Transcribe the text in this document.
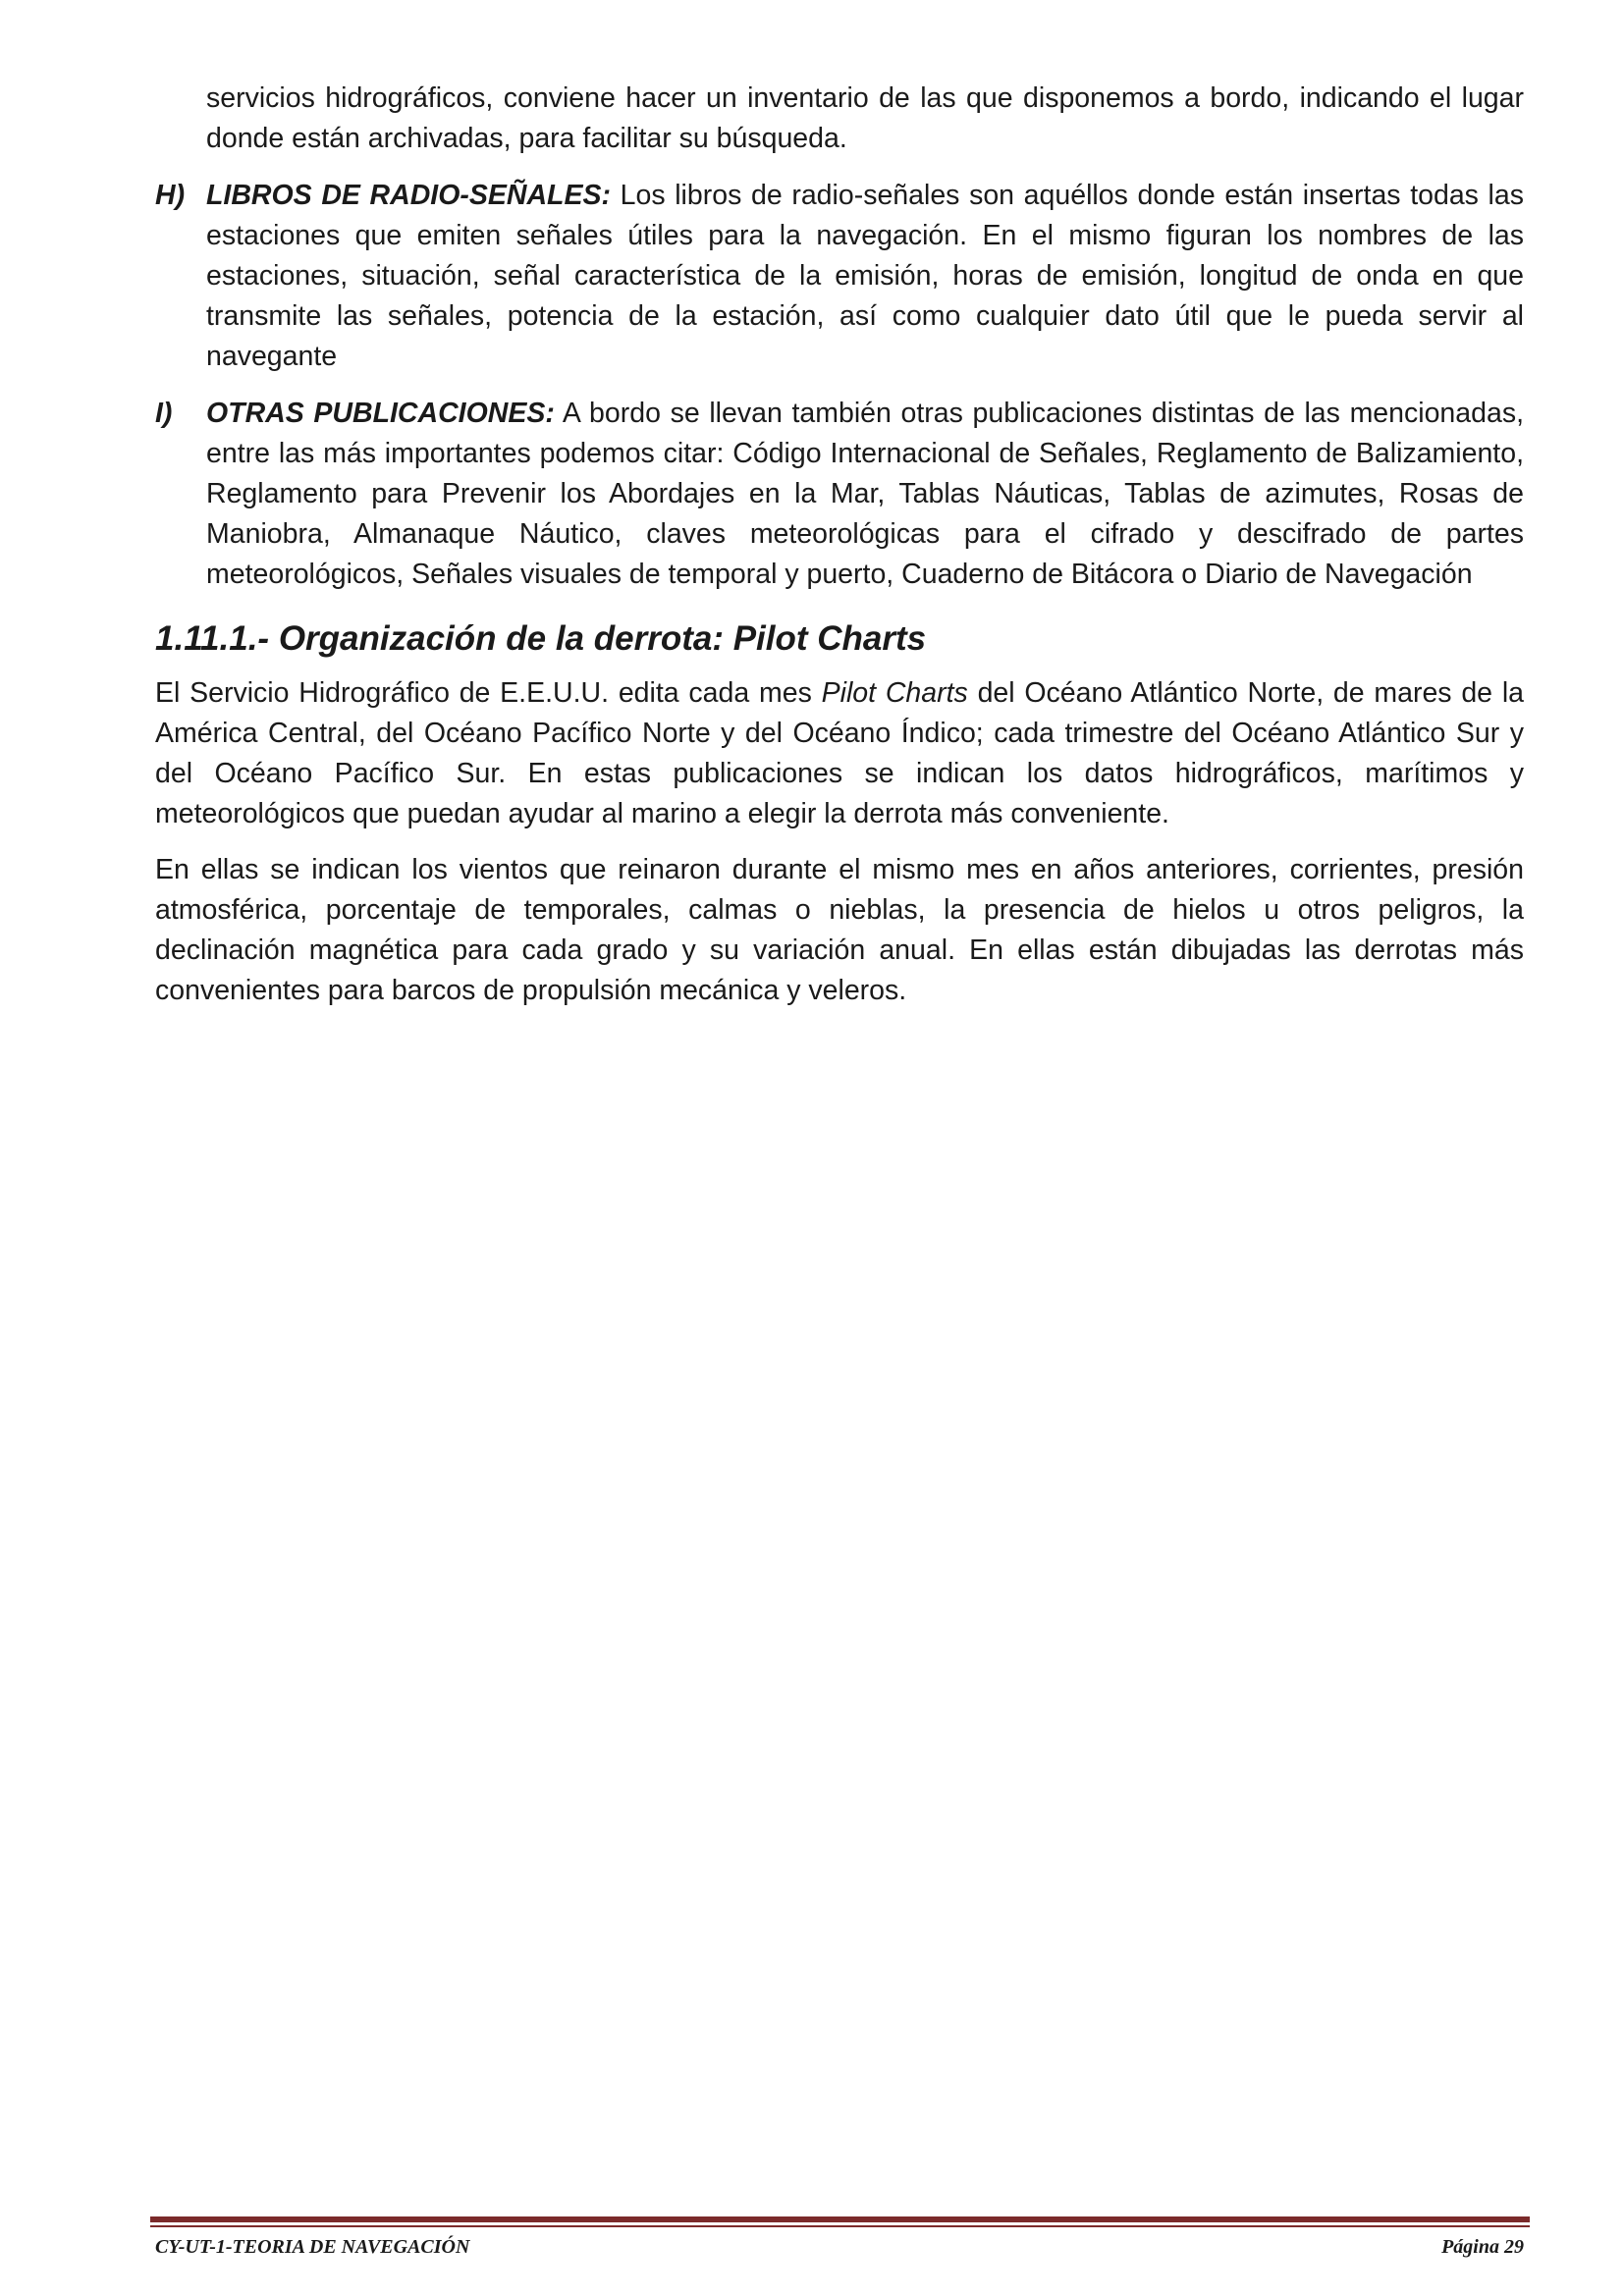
servicios hidrográficos, conviene hacer un inventario de las que disponemos a bordo, indicando el lugar donde están archivadas, para facilitar su búsqueda.

H) LIBROS DE RADIO-SEÑALES: Los libros de radio-señales son aquéllos donde están insertas todas las estaciones que emiten señales útiles para la navegación. En el mismo figuran los nombres de las estaciones, situación, señal característica de la emisión, horas de emisión, longitud de onda en que transmite las señales, potencia de la estación, así como cualquier dato útil que le pueda servir al navegante

I) OTRAS PUBLICACIONES: A bordo se llevan también otras publicaciones distintas de las mencionadas, entre las más importantes podemos citar: Código Internacional de Señales, Reglamento de Balizamiento, Reglamento para Prevenir los Abordajes en la Mar, Tablas Náuticas, Tablas de azimutes, Rosas de Maniobra, Almanaque Náutico, claves meteorológicas para el cifrado y descifrado de partes meteorológicos, Señales visuales de temporal y puerto, Cuaderno de Bitácora o Diario de Navegación

1.11.1.- Organización de la derrota: Pilot Charts

El Servicio Hidrográfico de E.E.U.U. edita cada mes Pilot Charts del Océano Atlántico Norte, de mares de la América Central, del Océano Pacífico Norte y del Océano Índico; cada trimestre del Océano Atlántico Sur y del Océano Pacífico Sur. En estas publicaciones se indican los datos hidrográficos, marítimos y meteorológicos que puedan ayudar al marino a elegir la derrota más conveniente.

En ellas se indican los vientos que reinaron durante el mismo mes en años anteriores, corrientes, presión atmosférica, porcentaje de temporales, calmas o nieblas, la presencia de hielos u otros peligros, la declinación magnética para cada grado y su variación anual. En ellas están dibujadas las derrotas más convenientes para barcos de propulsión mecánica y veleros.

CY-UT-1-TEORIA DE NAVEGACIÓN	Página 29
